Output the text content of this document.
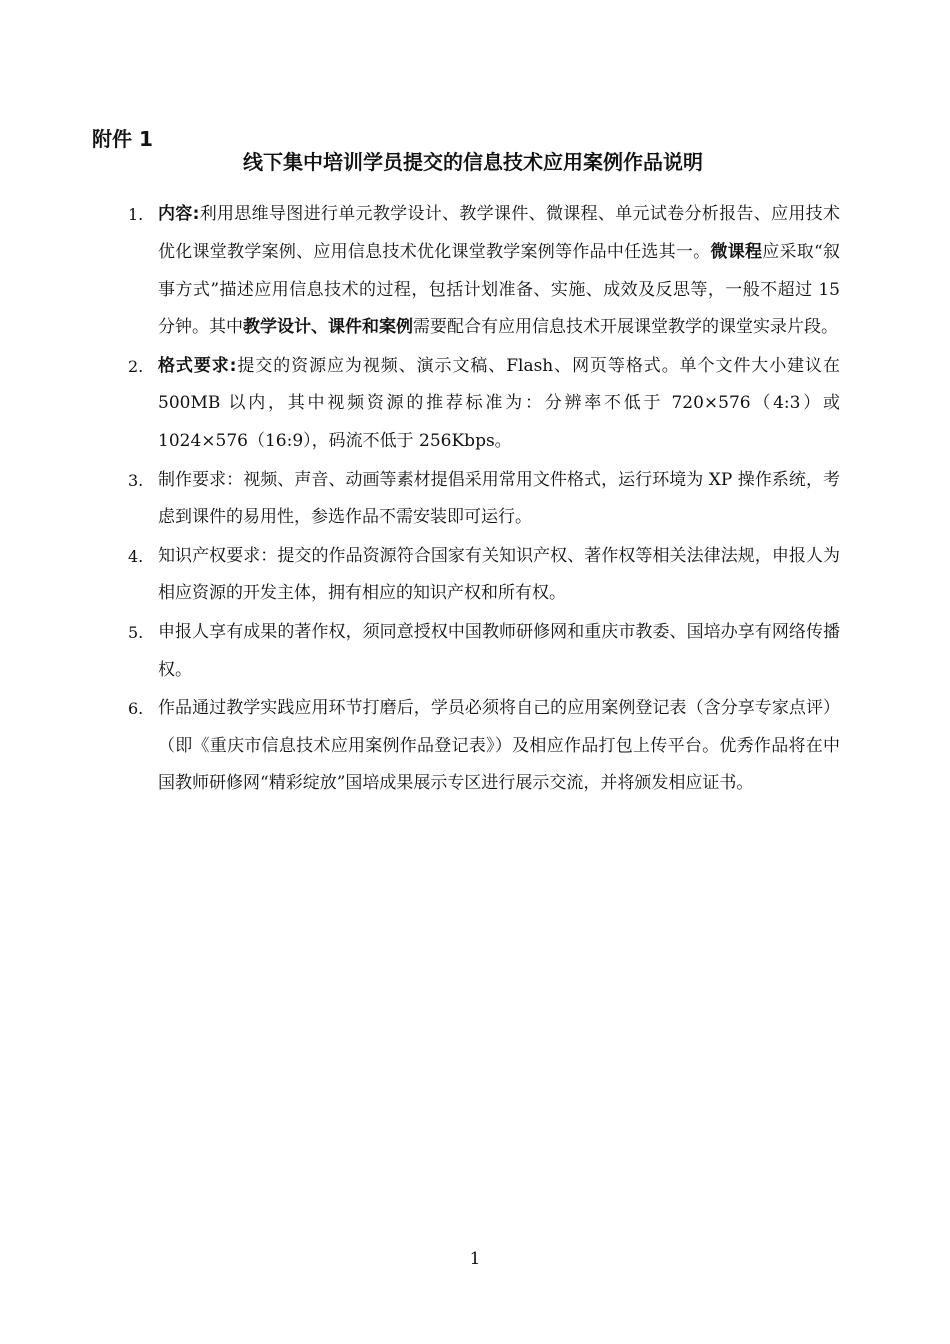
附件 1

线下集中培训学员提交的信息技术应用案例作品说明
1. 内容:利用思维导图进行单元教学设计、教学课件、微课程、单元试卷分析报告、应用技术优化课堂教学案例、应用信息技术优化课堂教学案例等作品中任选其一。微课程应采取“叙事方式”描述应用信息技术的过程，包括计划准备、实施、成效及反思等，一般不超过 15 分钟。其中教学设计、课件和案例需要配合有应用信息技术开展课堂教学的课堂实录片段。
2. 格式要求:提交的资源应为视频、演示文稿、Flash、网页等格式。单个文件大小建议在 500MB 以内，其中视频资源的推荐标准为：分辨率不低于 720×576（4:3）或 1024×576（16:9），码流不低于 256Kbps。
3. 制作要求：视频、声音、动画等素材提倡采用常用文件格式，运行环境为 XP 操作系统，考虑到课件的易用性，参选作品不需安装即可运行。
4. 知识产权要求：提交的作品资源符合国家有关知识产权、著作权等相关法律法规，申报人为相应资源的开发主体，拥有相应的知识产权和所有权。
5. 申报人享有成果的著作权，须同意授权中国教师研修网和重庆市教委、国培办享有网络传播权。
6. 作品通过教学实践应用环节打磨后，学员必须将自己的应用案例登记表（含分享专家点评）（即《重庆市信息技术应用案例作品登记表》）及相应作品打包上传平台。优秀作品将在中国教师研修网“精彩绽放”国培成果展示专区进行展示交流，并将颁发相应证书。

1
